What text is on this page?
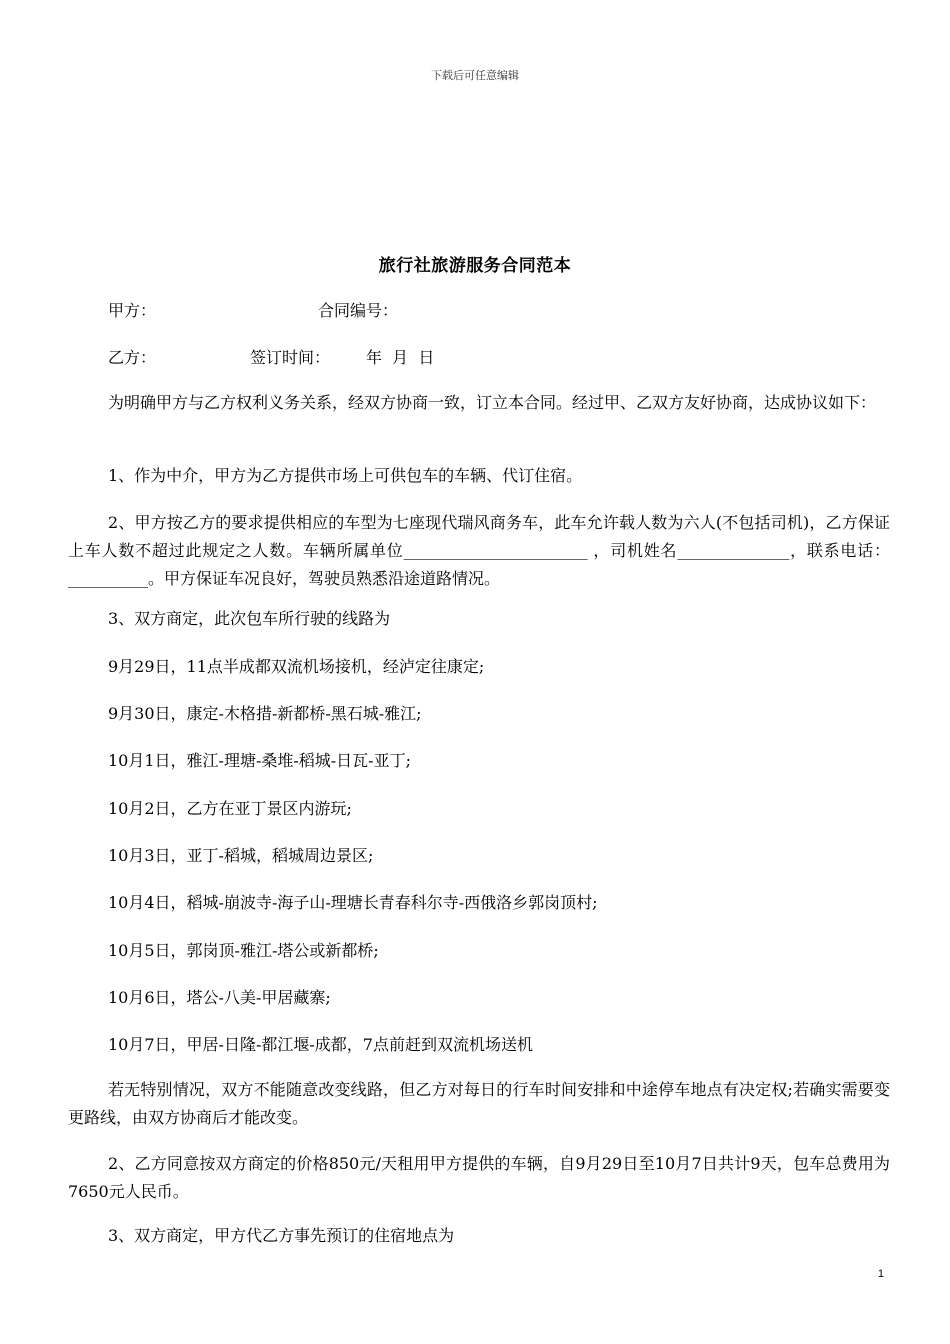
下载后可任意编辑
旅行社旅游服务合同范本

甲方：

	合同编号：

乙方：

	签订时间：

年  月  日

为明确甲方与乙方权利义务关系，经双方协商一致，订立本合同。经过甲、乙双方友好协商，达成协议如下：

1、作为中介，甲方为乙方提供市场上可供包车的车辆、代订住宿。

2、甲方按乙方的要求提供相应的车型为七座现代瑞风商务车，此车允许载人数为六人(不包括司机)，乙方保证上车人数不超过此规定之人数。车辆所属单位_______________________ ，司机姓名______________，联系电话： __________。甲方保证车况良好，驾驶员熟悉沿途道路情况。

3、双方商定，此次包车所行驶的线路为

9月29日，11点半成都双流机场接机，经泸定往康定;

9月30日，康定-木格措-新都桥-黑石城-雅江;

10月1日，雅江-理塘-桑堆-稻城-日瓦-亚丁;

10月2日，乙方在亚丁景区内游玩;

10月3日，亚丁-稻城，稻城周边景区;

10月4日，稻城-崩波寺-海子山-理塘长青春科尔寺-西俄洛乡郭岗顶村;

10月5日，郭岗顶-雅江-塔公或新都桥;

10月6日，塔公-八美-甲居藏寨;

10月7日，甲居-日隆-都江堰-成都，7点前赶到双流机场送机

若无特别情况，双方不能随意改变线路，但乙方对每日的行车时间安排和中途停车地点有决定权;若确实需要变更路线，由双方协商后才能改变。

2、乙方同意按双方商定的价格850元/天租用甲方提供的车辆，自9月29日至10月7日共计9天，包车总费用为7650元人民币。

3、双方商定，甲方代乙方事先预订的住宿地点为

1
